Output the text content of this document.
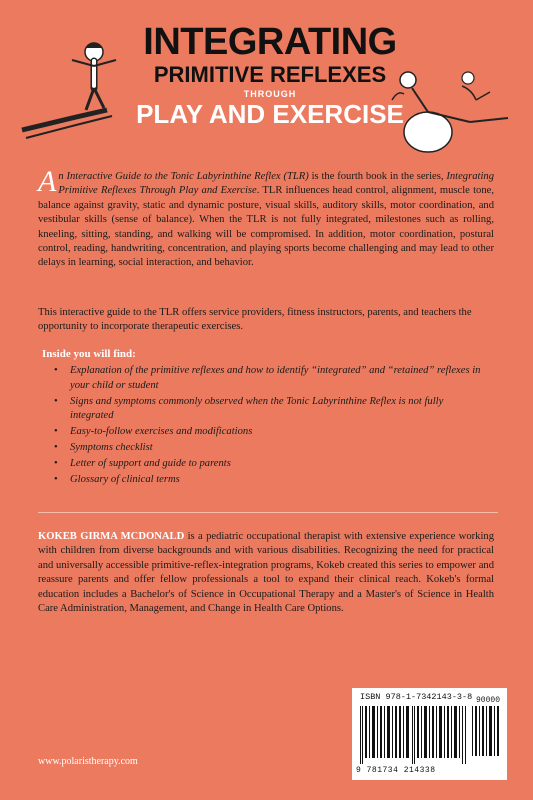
INTEGRATING
PRIMITIVE REFLEXES
THROUGH
PLAY AND EXERCISE
An Interactive Guide to the Tonic Labyrinthine Reflex (TLR) is the fourth book in the series, Integrating Primitive Reflexes Through Play and Exercise. TLR influences head control, alignment, muscle tone, balance against gravity, static and dynamic posture, visual skills, auditory skills, motor coordination, and vestibular skills (sense of balance). When the TLR is not fully integrated, milestones such as rolling, kneeling, sitting, standing, and walking will be compromised. In addition, motor coordination, postural control, reading, handwriting, concentration, and playing sports become challenging and may lead to other delays in learning, social interaction, and behavior.
This interactive guide to the TLR offers service providers, fitness instructors, parents, and teachers the opportunity to incorporate therapeutic exercises.
Inside you will find:
• Explanation of the primitive reflexes and how to identify “integrated” and “retained” reflexes in your child or student
• Signs and symptoms commonly observed when the Tonic Labyrinthine Reflex is not fully integrated
• Easy-to-follow exercises and modifications
• Symptoms checklist
• Letter of support and guide to parents
• Glossary of clinical terms
KOKEB GIRMA MCDONALD is a pediatric occupational therapist with extensive experience working with children from diverse backgrounds and with various disabilities. Recognizing the need for practical and universally accessible primitive-reflex-integration programs, Kokeb created this series to empower and reassure parents and offer fellow professionals a tool to expand their clinical reach. Kokeb's formal education includes a Bachelor's of Science in Occupational Therapy and a Master's of Science in Health Care Administration, Management, and Change in Health Care Options.
www.polaristherapy.com
ISBN 978-1-7342143-3-8 90000
9 781734 214338
